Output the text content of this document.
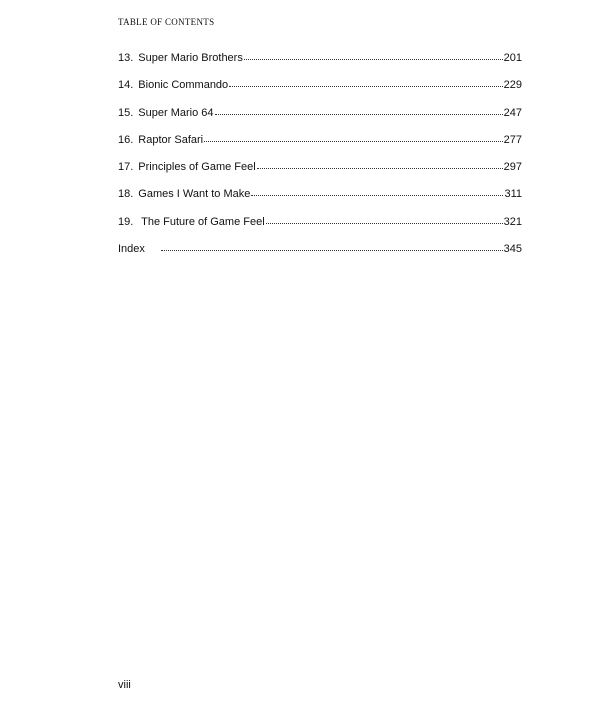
TABLE OF CONTENTS
13. Super Mario Brothers	201
14. Bionic Commando	229
15. Super Mario 64	247
16. Raptor Safari	277
17. Principles of Game Feel	297
18. Games I Want to Make	311
19. The Future of Game Feel	321
Index	345
viii
